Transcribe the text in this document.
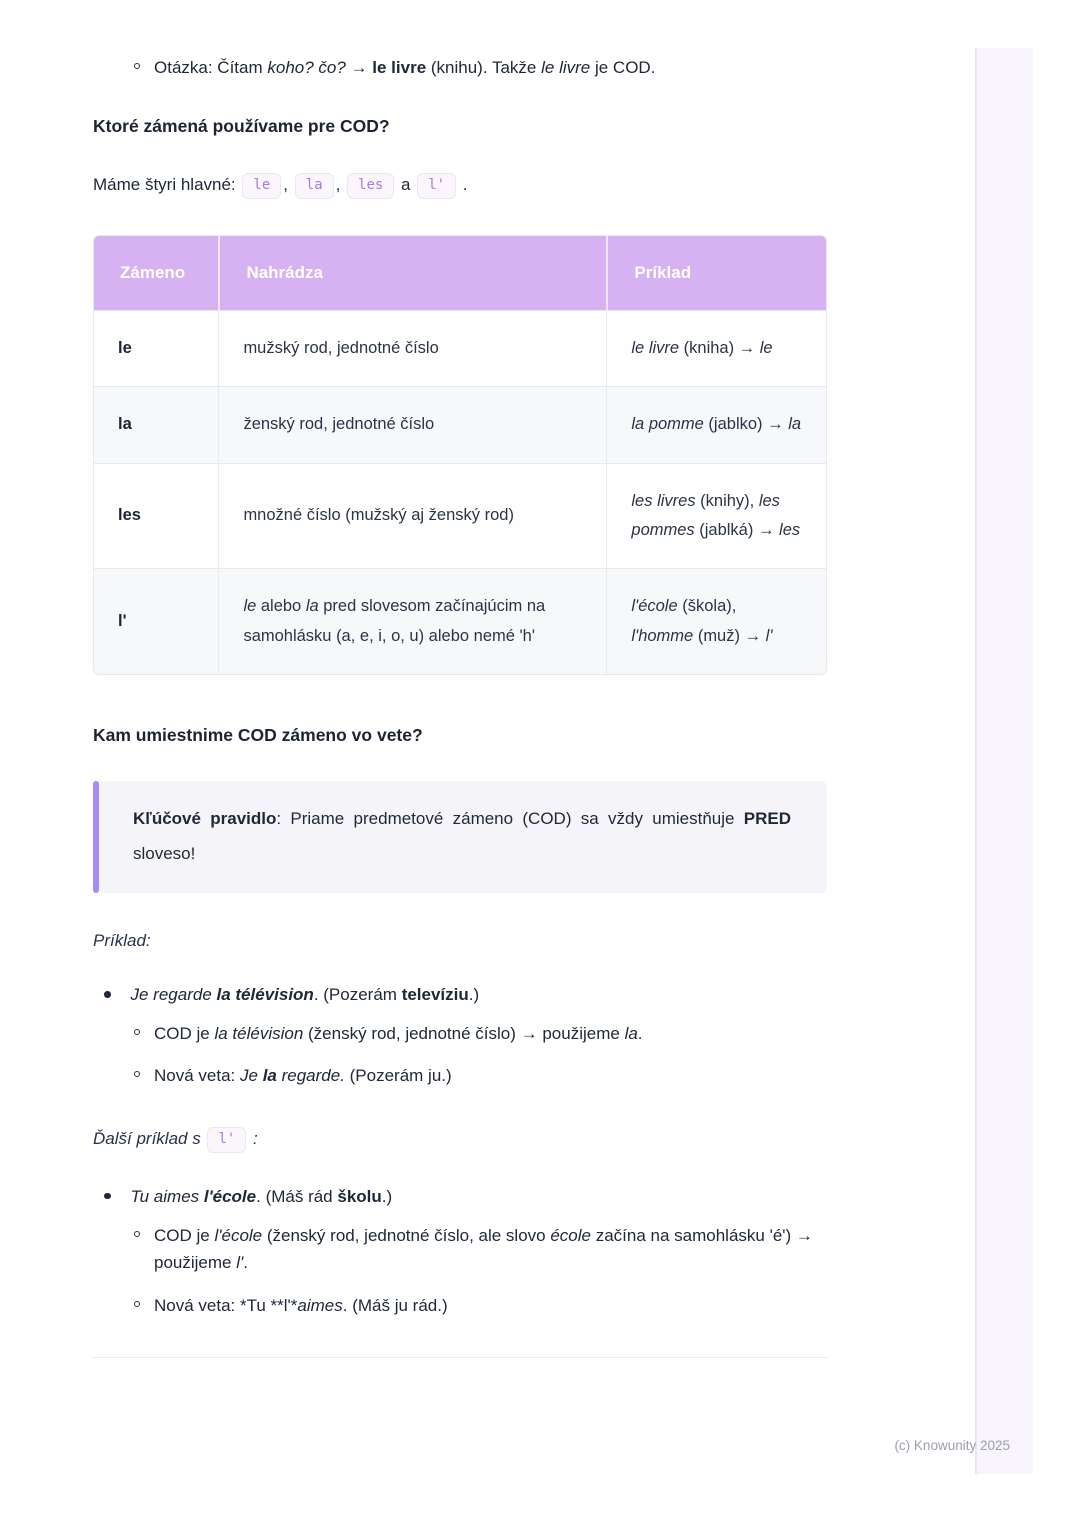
Otázka: Čítam koho? čo? → le livre (knihu). Takže le livre je COD.
Ktoré zámená používame pre COD?

Máme štyri hlavné: le , la , les a l' .

Zámeno	Nahrádza	Príklad
le	mužský rod, jednotné číslo	le livre (kniha) → le
la	ženský rod, jednotné číslo	la pomme (jablko) → la
les	množné číslo (mužský aj ženský rod)	les livres (knihy), les pommes (jablká) → les
l'	le alebo la pred slovesom začínajúcim na samohlásku (a, e, i, o, u) alebo nemé 'h'	l'école (škola), l'homme (muž) → l'
Kam umiestnime COD zámeno vo vete?
Kľúčové pravidlo: Priame predmetové zámeno (COD) sa vždy umiestňuje PRED sloveso!

Príklad:

Je regarde la télévision. (Pozerám televíziu.)
COD je la télévision (ženský rod, jednotné číslo) → použijeme la.
Nová veta: Je la regarde. (Pozerám ju.)

Ďalší príklad s l' :

Tu aimes l'école. (Máš rád školu.)
COD je l'école (ženský rod, jednotné číslo, ale slovo école začína na samohlásku 'é') → použijeme l'.
Nová veta: *Tu **l'*aimes. (Máš ju rád.)
(c) Knowunity 2025
